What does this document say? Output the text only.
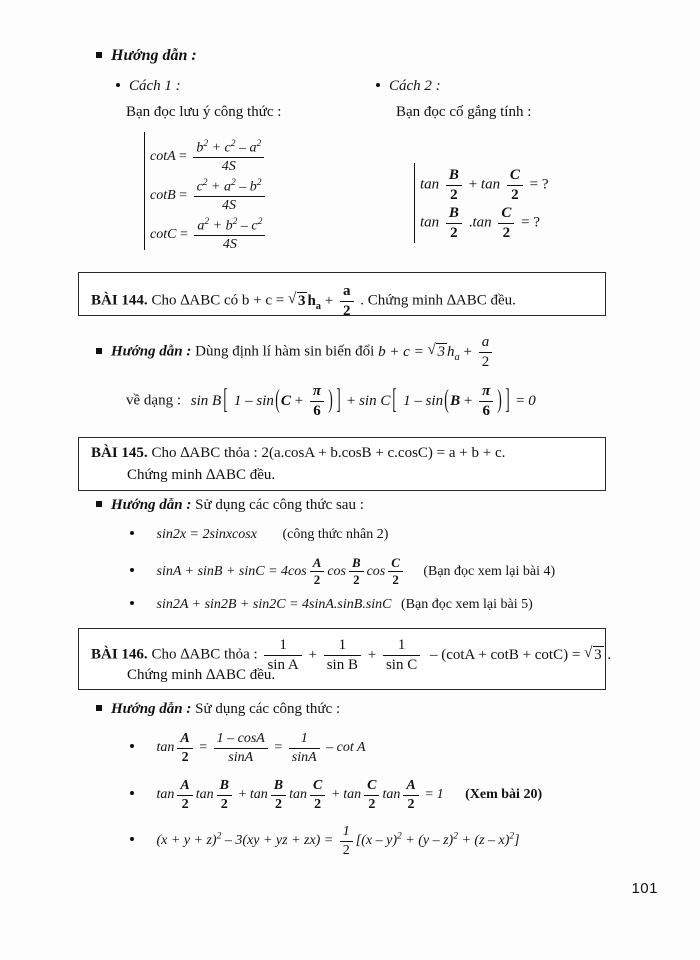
Hướng dẫn :
Cách 1 :
Bạn đọc lưu ý công thức :
$\cot A = \frac{b^2 + c^2 - a^2}{4S}$
$\cot B = \frac{c^2 + a^2 - b^2}{4S}$
$\cot C = \frac{a^2 + b^2 - c^2}{4S}$
Cách 2 :
Bạn đọc cố gắng tính :
$\tan \frac{B}{2} + \tan \frac{C}{2}$ = ?
$\tan \frac{B}{2} .\tan \frac{C}{2}$ = ?
BÀI 144. Cho ∆ABC có b + c = √ 3 $h_a + \frac{a}{2}$ . Chứng minh ∆ABC đều.
Hướng dẫn : Dùng định lí hàm sin biến đổi b + c = √ 3 $h_a + \frac{a}{2}$
về dạng : sin B [ $1 - \sin(C + \frac{\pi}{6}$ ) ] + sin C [ $1 - \sin(B + \frac{\pi}{6}$ ) ] = 0
BÀI 145. Cho ∆ABC thỏa : 2(a.cosA + b.cosB + c.cosC) = a + b + c.
Chứng minh ∆ABC đều.
Hướng dẫn : Sử dụng các công thức sau :
sin2x = 2sinxcosx (công thức nhân 2)
$\sin A + \sin B + \sin C = 4\cos \frac{A}{2}$ $\cos \frac{B}{2}$ $\cos \frac{C}{2}$ (Bạn đọc xem lại bài 4)
sin2A + sin2B + sin2C = 4sinA.sinB.sinC (Bạn đọc xem lại bài 5)
BÀI 146. Cho ∆ABC thỏa : $\frac{1}{\text{sin A}} + \frac{1}{\text{sin B}} + \frac{1}{\text{sin C}} - (\cot A + \cot B + \cot C)$ = √ 3 .
Chứng minh ∆ABC đều.
Hướng dẫn : Sử dụng các công thức :
$\tan \frac{A}{2} = \frac{1 - \cos A}{\sin A} = \frac{1}{\sin A} - \cot A$
$\tan \frac{A}{2}$ $\tan \frac{B}{2} + \tan \frac{B}{2}$ $\tan \frac{C}{2} + \tan \frac{C}{2}$ $\tan \frac{A}{2} = 1$ (Xem bài 20)
$(x + y + z)^2 - 3(xy$ + yz + $zx) = \frac{1}{2} [(x - y)^2 + (y - z)^2 + (z - x)^2]$
101
